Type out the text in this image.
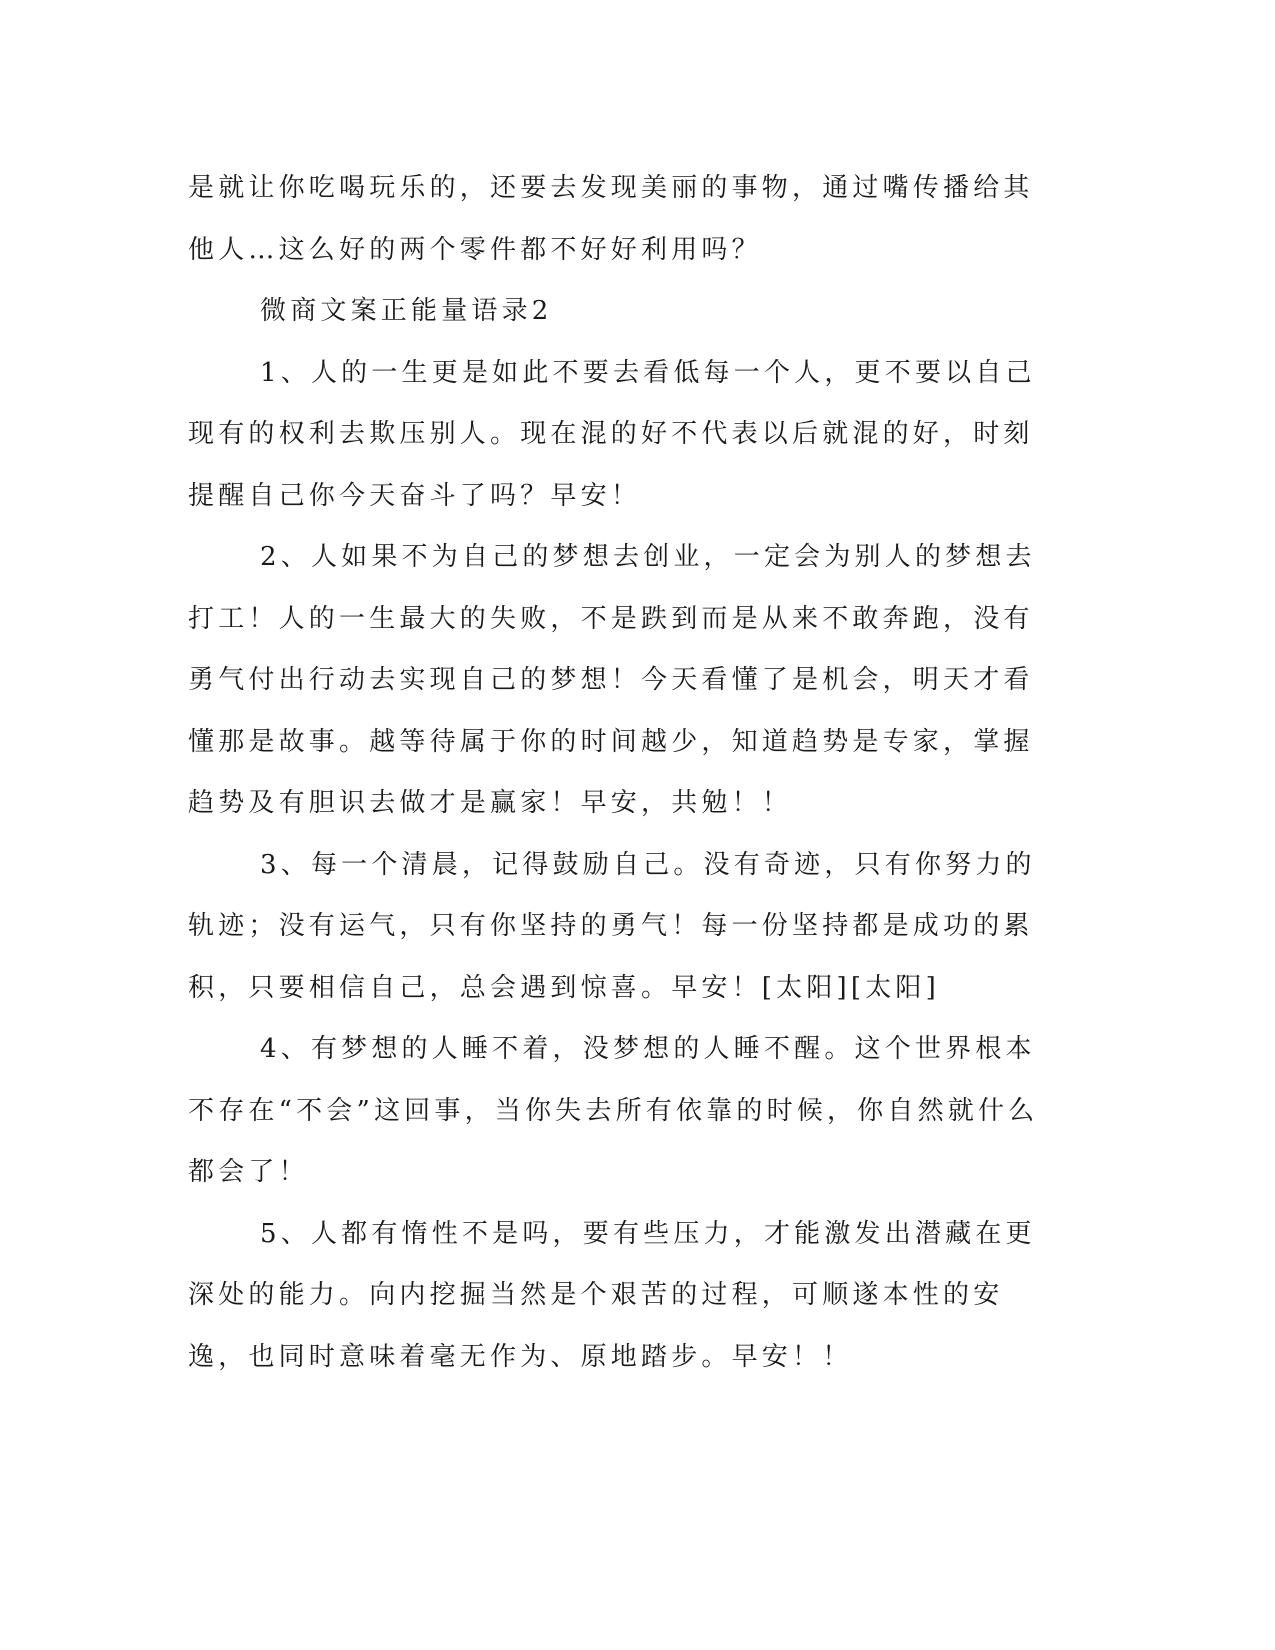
是就让你吃喝玩乐的，还要去发现美丽的事物，通过嘴传播给其他人…这么好的两个零件都不好好利用吗？

微商文案正能量语录2

1、人的一生更是如此不要去看低每一个人，更不要以自己现有的权利去欺压别人。现在混的好不代表以后就混的好，时刻提醒自己你今天奋斗了吗？早安！

2、人如果不为自己的梦想去创业，一定会为别人的梦想去打工！人的一生最大的失败，不是跌到而是从来不敢奔跑，没有勇气付出行动去实现自己的梦想！今天看懂了是机会，明天才看懂那是故事。越等待属于你的时间越少，知道趋势是专家，掌握趋势及有胆识去做才是赢家！早安，共勉！！

3、每一个清晨，记得鼓励自己。没有奇迹，只有你努力的轨迹；没有运气，只有你坚持的勇气！每一份坚持都是成功的累积，只要相信自己，总会遇到惊喜。早安！[太阳][太阳]

4、有梦想的人睡不着，没梦想的人睡不醒。这个世界根本不存在“不会”这回事，当你失去所有依靠的时候，你自然就什么都会了！

5、人都有惰性不是吗，要有些压力，才能激发出潜藏在更深处的能力。向内挖掘当然是个艰苦的过程，可顺遂本性的安逸，也同时意味着毫无作为、原地踏步。早安！！
